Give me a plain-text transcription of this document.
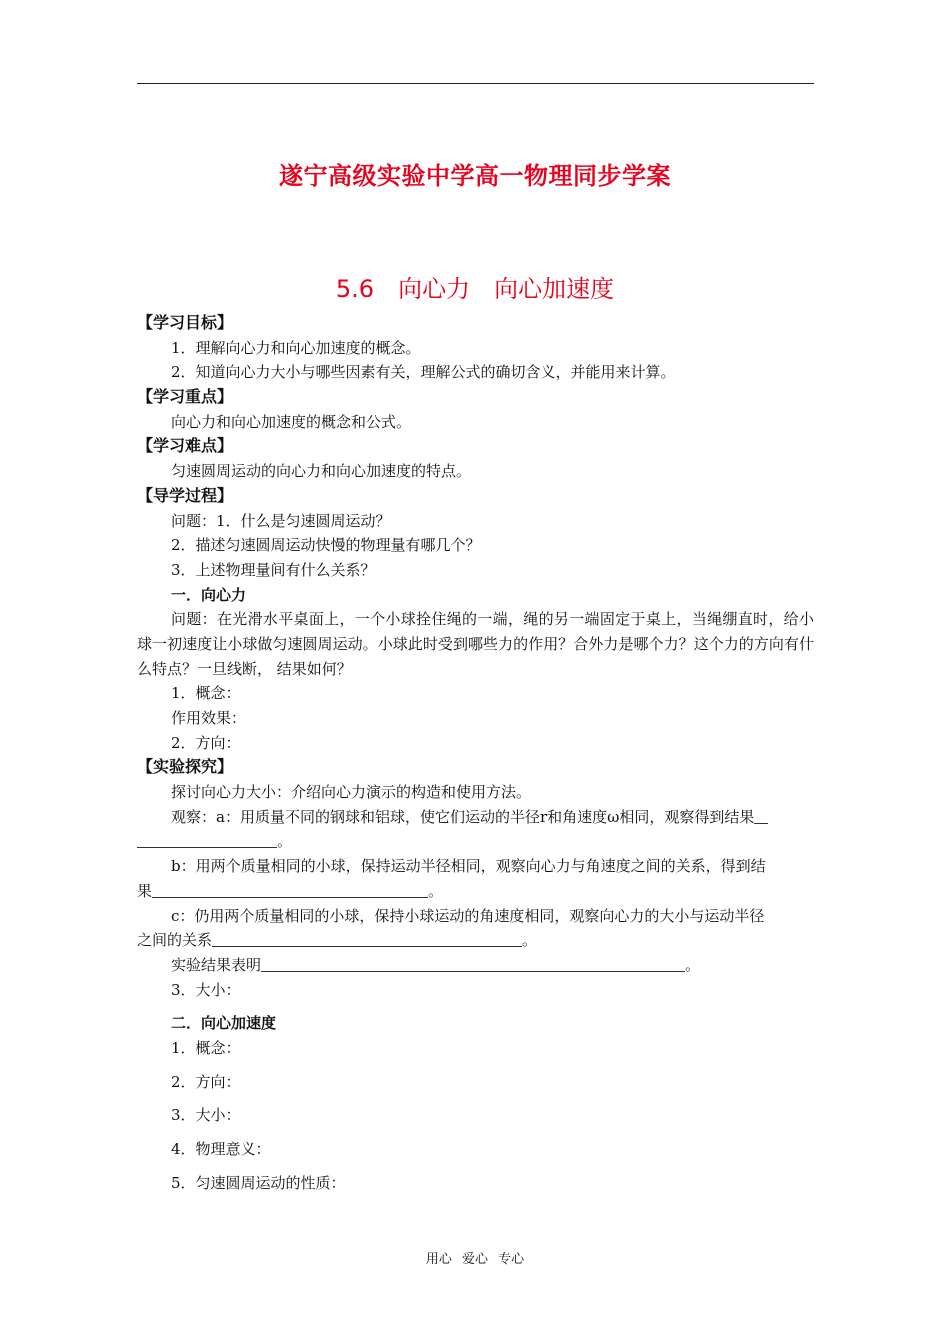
遂宁高级实验中学高一物理同步学案
5.6　向心力　向心加速度
【学习目标】
1．理解向心力和向心加速度的概念。
2．知道向心力大小与哪些因素有关，理解公式的确切含义，并能用来计算。
【学习重点】
向心力和向心加速度的概念和公式。
【学习难点】
匀速圆周运动的向心力和向心加速度的特点。
【导学过程】
问题：1．什么是匀速圆周运动？
2．描述匀速圆周运动快慢的物理量有哪几个？
3．上述物理量间有什么关系？
一．向心力
问题：在光滑水平桌面上，一个小球拴住绳的一端，绳的另一端固定于桌上，当绳绷直时，给小球一初速度让小球做匀速圆周运动。小球此时受到哪些力的作用？合外力是哪个力？这个力的方向有什么特点？一旦线断， 结果如何？
1．概念：
作用效果：
2．方向：
【实验探究】
探讨向心力大小：介绍向心力演示的构造和使用方法。
观察：a：用质量不同的钢球和铝球，使它们运动的半径r和角速度ω相同，观察得到结果
。
b：用两个质量相同的小球，保持运动半径相同，观察向心力与角速度之间的关系，得到结
果	。
c：仍用两个质量相同的小球，保持小球运动的角速度相同，观察向心力的大小与运动半径
之间的关系	。
实验结果表明	。
3．大小：
二．向心加速度
1．概念：
2．方向：
3．大小：
4．物理意义：
5．匀速圆周运动的性质：
用心 爱心 专心
